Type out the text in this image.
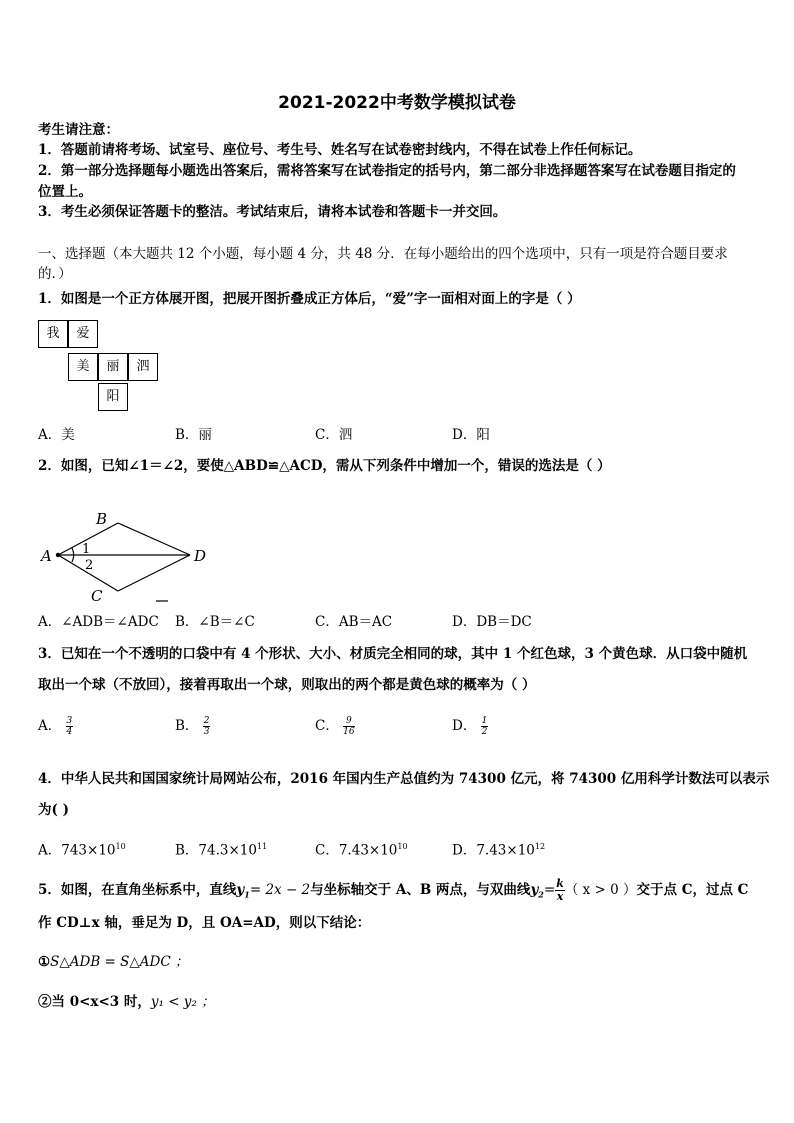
2021-2022中考数学模拟试卷
考生请注意：
1．答题前请将考场、试室号、座位号、考生号、姓名写在试卷密封线内，不得在试卷上作任何标记。
2．第一部分选择题每小题选出答案后，需将答案写在试卷指定的括号内，第二部分非选择题答案写在试卷题目指定的
位置上。
3．考生必须保证答题卡的整洁。考试结束后，请将本试卷和答题卡一并交回。
一、选择题（本大题共 12 个小题，每小题 4 分，共 48 分．在每小题给出的四个选项中，只有一项是符合题目要求
的．）
1．如图是一个正方体展开图，把展开图折叠成正方体后，“爱”字一面相对面上的字是（ ）
我	爱
美	丽	泗
阳
A．美	B．丽	C．泗	D．阳
2．如图，已知∠1＝∠2，要使△ABD≌△ACD，需从下列条件中增加一个，错误的选法是（ ）
A
B
C
D
1
2
A．∠ADB＝∠ADC B．∠B＝∠C	C．AB＝AC	D．DB＝DC
3．已知在一个不透明的口袋中有 4 个形状、大小、材质完全相同的球，其中 1 个红色球，3 个黄色球．从口袋中随机
取出一个球（不放回），接着再取出一个球，则取出的两个都是黄色球的概率为（ ）
A． $\frac{3}{4}$	B． $\frac{2}{3}$	C． $\frac{9}{16}$	D． $\frac{1}{2}$
4．中华人民共和国国家统计局网站公布，2016 年国内生产总值约为 74300 亿元，将 74300 亿用科学计数法可以表示
为( )
A．$743\times 10^{10}$	B．$74.3\times 10^{11}$	C．$7.43\times 10^{10}$	D．$7.43\times 10^{12}$
5．如图，在直角坐标系中，直线$y_1= 2x - 2$与坐标轴交于 A、B 两点，与双曲线$y_2= \frac{k}{x}$ （ x > 0 ）交于点 C，过点 C
作 CD⊥x 轴，垂足为 D，且 OA=AD，则以下结论：
①S△ADB = S△ADC ；
②当 0<x<3 时，y₁ < y₂ ；
